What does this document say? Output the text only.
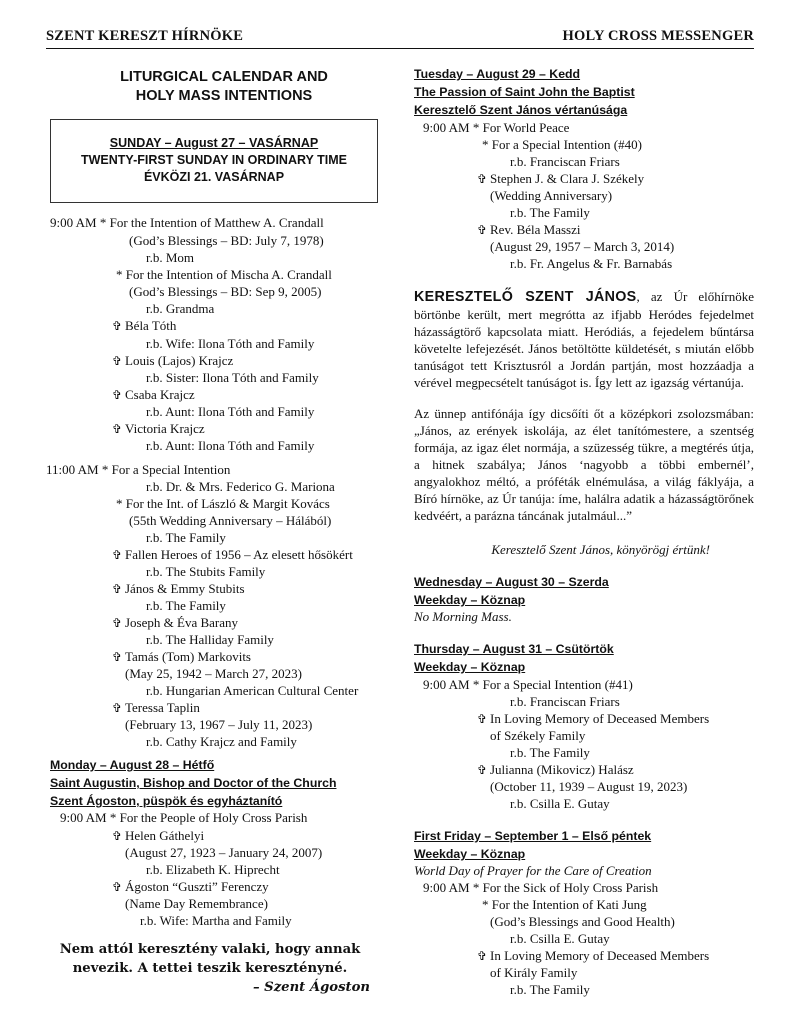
SZENT KERESZT HÍRNÖKE	HOLY CROSS MESSENGER
LITURGICAL CALENDAR AND
HOLY MASS INTENTIONS
SUNDAY – August 27 – VASÁRNAP
TWENTY-FIRST SUNDAY IN ORDINARY TIME
ÉVKÖZI 21. VASÁRNAP
9:00 AM * For the Intention of Matthew A. Crandall
(God’s Blessings – BD: July 7, 1978)
r.b. Mom
* For the Intention of Mischa A. Crandall
(God’s Blessings – BD: Sep 9, 2005)
r.b. Grandma
✞ Béla Tóth
r.b. Wife: Ilona Tóth and Family
✞ Louis (Lajos) Krajcz
r.b. Sister: Ilona Tóth and Family
✞ Csaba Krajcz
r.b. Aunt: Ilona Tóth and Family
✞ Victoria Krajcz
r.b. Aunt: Ilona Tóth and Family
11:00 AM * For a Special Intention
r.b. Dr. & Mrs. Federico G. Mariona
* For the Int. of László & Margit Kovács
(55th Wedding Anniversary – Hálából)
r.b. The Family
✞ Fallen Heroes of 1956 – Az elesett hősökért
r.b. The Stubits Family
✞ János & Emmy Stubits
r.b. The Family
✞ Joseph & Éva Barany
r.b. The Halliday Family
✞ Tamás (Tom) Markovits
(May 25, 1942 – March 27, 2023)
r.b. Hungarian American Cultural Center
✞ Teressa Taplin
(February 13, 1967 – July 11, 2023)
r.b. Cathy Krajcz and Family
Monday – August 28 – Hétfő
Saint Augustin, Bishop and Doctor of the Church
Szent Ágoston, püspök és egyháztanító
9:00 AM * For the People of Holy Cross Parish
✞ Helen Gáthelyi
(August 27, 1923 – January 24, 2007)
r.b. Elizabeth K. Hiprecht
✞ Ágoston “Guszti” Ferenczy
(Name Day Remembrance)
r.b. Wife: Martha and Family
Nem attól keresztény valaki, hogy annak
nevezik. A tettei teszik keresztényné.
– Szent Ágoston
Tuesday – August 29 – Kedd
The Passion of Saint John the Baptist
Keresztelő Szent János vértanúsága
9:00 AM * For World Peace
* For a Special Intention (#40)
r.b. Franciscan Friars
✞ Stephen J. & Clara J. Székely
(Wedding Anniversary)
r.b. The Family
✞ Rev. Béla Masszi
(August 29, 1957 – March 3, 2014)
r.b. Fr. Angelus & Fr. Barnabás
KERESZTELŐ SZENT JÁNOS, az Úr előhírnöke börtönbe került, mert megrótta az ifjabb Heródes fejedelmet házasságtörő kapcsolata miatt. Heródiás, a fejedelem bűntársa követelte lefejezését. János betöltötte küldetését, s miután előbb tanúságot tett Krisztusról a Jordán partján, most hozzáadja a vérével megpecsételt tanúságot is. Így lett az igazság vértanúja.
Az ünnep antifónája így dicsőíti őt a középkori zsolozsmában: „János, az erények iskolája, az élet tanítómestere, a szentség formája, az igaz élet normája, a szüzesség tükre, a megtérés útja, a hitnek szabálya; János ‘nagyobb a többi embernél’, angyalokhoz méltó, a próféták elnémulása, a világ fáklyája, a Bíró hírnöke, az Úr tanúja: íme, halálra adatik a házasságtörőnek kedvéért, a parázna táncának jutalmául...”
Keresztelő Szent János, könyörögj értünk!
Wednesday – August 30 – Szerda
Weekday – Köznap
No Morning Mass.
Thursday – August 31 – Csütörtök
Weekday – Köznap
9:00 AM * For a Special Intention (#41)
r.b. Franciscan Friars
✞ In Loving Memory of Deceased Members
of Székely Family
r.b. The Family
✞ Julianna (Mikovicz) Halász
(October 11, 1939 – August 19, 2023)
r.b. Csilla E. Gutay
First Friday – September 1 – Első péntek
Weekday – Köznap
World Day of Prayer for the Care of Creation
9:00 AM * For the Sick of Holy Cross Parish
* For the Intention of Kati Jung
(God’s Blessings and Good Health)
r.b. Csilla E. Gutay
✞ In Loving Memory of Deceased Members
of Király Family
r.b. The Family
